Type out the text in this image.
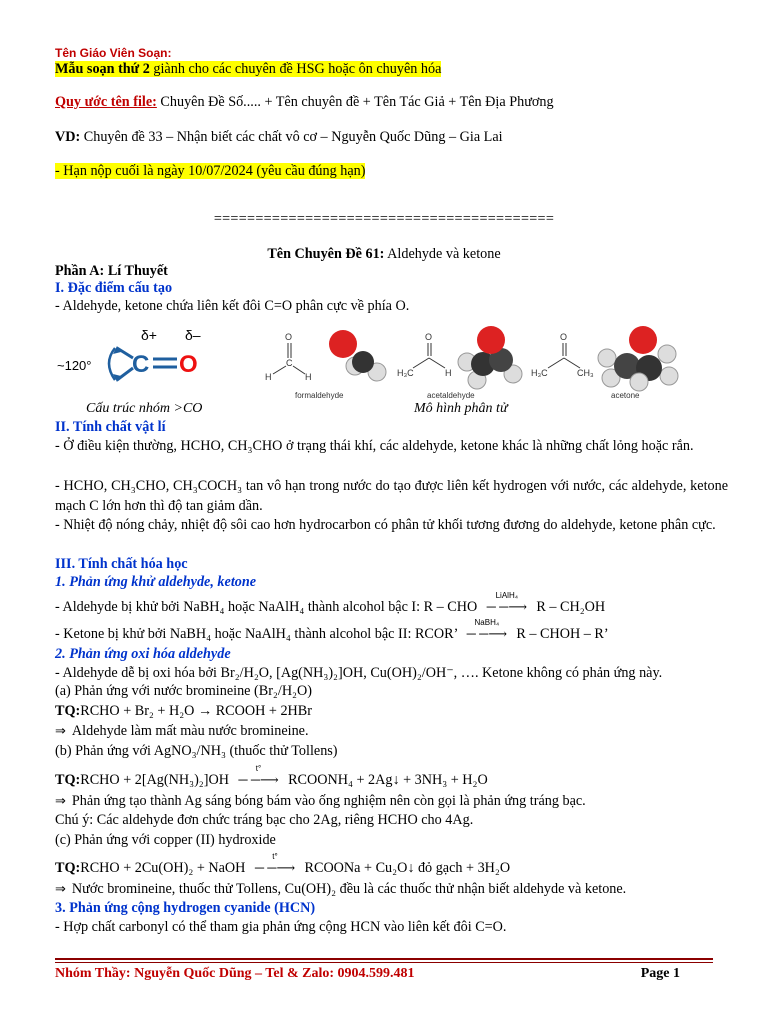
Tên Giáo Viên Soạn:
Mẫu soạn thứ 2 giành cho các chuyên đề HSG hoặc ôn chuyên hóa
Quy ước tên file: Chuyên Đề Số..... + Tên chuyên đề + Tên Tác Giả + Tên Địa Phương
VD: Chuyên đề 33 – Nhận biết các chất vô cơ – Nguyễn Quốc Dũng – Gia Lai
- Hạn nộp cuối là ngày 10/07/2024 (yêu cầu đúng hạn)
=========================================
Tên Chuyên Đề 61: Aldehyde và ketone
Phần A: Lí Thuyết
I. Đặc điểm cấu tạo
- Aldehyde, ketone chứa liên kết đôi C=O phân cực về phía O.
~120° C O
δ+ δ–	O
C
H	H
formaldehyde
O
H₃C	H
acetaldehyde
O
H₃C	CH₃
acetone
Cấu trúc nhóm >CO	Mô hình phân tử
II. Tính chất vật lí
- Ở điều kiện thường, HCHO, CH₃CHO ở trạng thái khí, các aldehyde, ketone khác là những chất lỏng hoặc rắn.
- HCHO, CH₃CHO, CH₃COCH₃ tan vô hạn trong nước do tạo được liên kết hydrogen với nước, các aldehyde, ketone mạch C lớn hơn thì độ tan giảm dần.
- Nhiệt độ nóng chảy, nhiệt độ sôi cao hơn hydrocarbon có phân tử khối tương đương do aldehyde, ketone phân cực.
III. Tính chất hóa học
1. Phản ứng khử aldehyde, ketone
- Aldehyde bị khử bởi NaBH₄ hoặc NaAlH₄ thành alcohol bậc I: R – CHO
LiAlH₄
─ ─⟶ R – CH₂OH
- Ketone bị khử bởi NaBH₄ hoặc NaAlH₄ thành alcohol bậc II: RCOR’
NaBH₄
─ ─⟶ R – CHOH – R’
2. Phản ứng oxi hóa aldehyde
- Aldehyde dễ bị oxi hóa bởi Br₂/H₂O, [Ag(NH₃)₂]OH, Cu(OH)₂/OH⁻, …. Ketone không có phản ứng này.
(a) Phản ứng với nước bromineine (Br₂/H₂O)
TQ:RCHO + Br₂ + H₂O → RCOOH + 2HBr
⇒ Aldehyde làm mất màu nước bromineine.
(b) Phản ứng với AgNO₃/NH₃ (thuốc thử Tollens)
TQ:RCHO + 2[Ag(NH₃)₂]OH
t°
─ ─⟶ RCOONH₄ + 2Ag↓ + 3NH₃ + H₂O
⇒ Phản ứng tạo thành Ag sáng bóng bám vào ống nghiệm nên còn gọi là phản ứng tráng bạc.
Chú ý: Các aldehyde đơn chức tráng bạc cho 2Ag, riêng HCHO cho 4Ag.
(c) Phản ứng với copper (II) hydroxide
TQ:RCHO + 2Cu(OH)₂ + NaOH
t°
─ ─⟶ RCOONa + Cu₂O↓ đỏ gạch + 3H₂O
⇒ Nước bromineine, thuốc thử Tollens, Cu(OH)₂ đều là các thuốc thử nhận biết aldehyde và ketone.
3. Phản ứng cộng hydrogen cyanide (HCN)
- Hợp chất carbonyl có thể tham gia phản ứng cộng HCN vào liên kết đôi C=O.
Nhóm Thầy: Nguyễn Quốc Dũng – Tel & Zalo: 0904.599.481	Page 1
